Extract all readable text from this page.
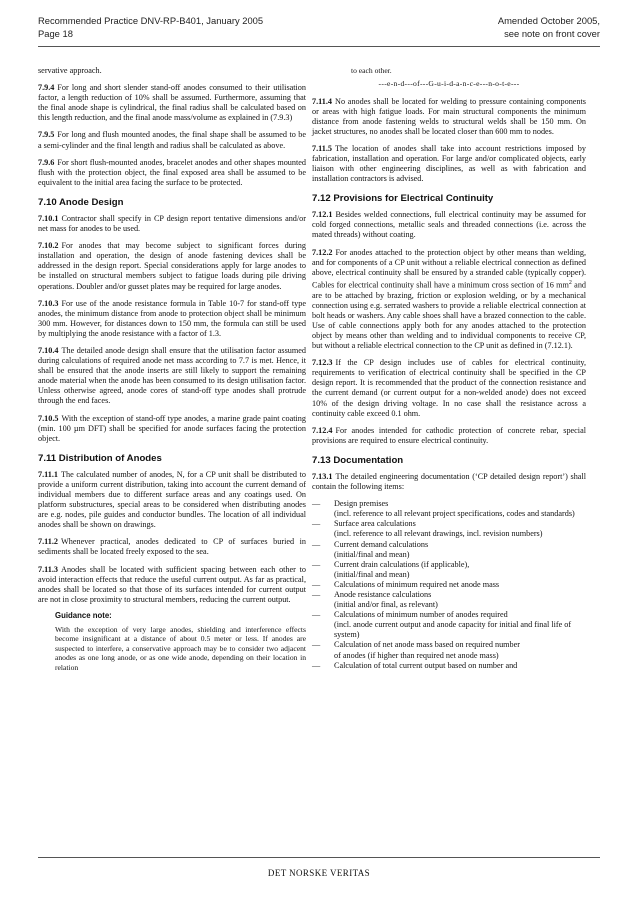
Recommended Practice DNV-RP-B401, January 2005
Page 18
Amended October 2005,
see note on front cover

servative approach.

7.9.4 For long and short slender stand-off anodes consumed to their utilisation factor, a length reduction of 10% shall be assumed. Furthermore, assuming that the final anode shape is cylindrical, the final radius shall be calculated based on this length reduction, and the final anode mass/volume as explained in (7.9.3)

7.9.5 For long and flush mounted anodes, the final shape shall be assumed to be a semi-cylinder and the final length and radius shall be calculated as above.

7.9.6 For short flush-mounted anodes, bracelet anodes and other shapes mounted flush with the protection object, the final exposed area shall be assumed to be equivalent to the initial area facing the surface to be protected.

7.10 Anode Design

7.10.1 Contractor shall specify in CP design report tentative dimensions and/or net mass for anodes to be used.

7.10.2 For anodes that may become subject to significant forces during installation and operation, the design of anode fastening devices shall be addressed in the design report. Special considerations apply for large anodes to be installed on structural members subject to fatigue loads during pile driving operations. Doubler and/or gusset plates may be required for large anodes.

7.10.3 For use of the anode resistance formula in Table 10-7 for stand-off type anodes, the minimum distance from anode to protection object shall be minimum 300 mm. However, for distances down to 150 mm, the formula can still be used by multiplying the anode resistance with a factor of 1.3.

7.10.4 The detailed anode design shall ensure that the utilisation factor assumed during calculations of required anode net mass according to 7.7 is met. Hence, it shall be ensured that the anode inserts are still likely to support the remaining anode material when the anode has been consumed to its design utilisation factor. Unless otherwise agreed, anode cores of stand-off type anodes shall protrude through the end faces.

7.10.5 With the exception of stand-off type anodes, a marine grade paint coating (min. 100 µm DFT) shall be specified for anode surfaces facing the protection object.

7.11 Distribution of Anodes

7.11.1 The calculated number of anodes, N, for a CP unit shall be distributed to provide a uniform current distribution, taking into account the current demand of individual members due to different surface areas and any coatings used. On platform substructures, special areas to be considered when distributing anodes are e.g. nodes, pile guides and conductor bundles. The location of all individual anodes shall be shown on drawings.

7.11.2 Whenever practical, anodes dedicated to CP of surfaces buried in sediments shall be located freely exposed to the sea.

7.11.3 Anodes shall be located with sufficient spacing between each other to avoid interaction effects that reduce the useful current output. As far as practical, anodes shall be located so that those of its surfaces intended for current output are not in close proximity to structural members, reducing the current output.

Guidance note:

With the exception of very large anodes, shielding and interference effects become insignificant at a distance of about 0.5 meter or less. If anodes are suspected to interfere, a conservative approach may be to consider two adjacent anodes as one long anode, or as one wide anode, depending on their location in relation

to each other.

---e-n-d---of---G-u-i-d-a-n-c-e---n-o-t-e---

7.11.4 No anodes shall be located for welding to pressure containing components or areas with high fatigue loads. For main structural components the minimum distance from anode fastening welds to structural welds shall be 150 mm. On jacket structures, no anodes shall be located closer than 600 mm to nodes.

7.11.5 The location of anodes shall take into account restrictions imposed by fabrication, installation and operation. For large and/or complicated objects, early liaison with other engineering disciplines, as well as with fabrication and installation contractors is advised.

7.12 Provisions for Electrical Continuity

7.12.1 Besides welded connections, full electrical continuity may be assumed for cold forged connections, metallic seals and threaded connections (i.e. across the mated threads) without coating.

7.12.2 For anodes attached to the protection object by other means than welding, and for components of a CP unit without a reliable electrical connection as defined above, electrical continuity shall be ensured by a stranded cable (typically copper). Cables for electrical continuity shall have a minimum cross section of 16 $mm^2$ and are to be attached by brazing, friction or explosion welding, or by a mechanical connection using e.g. serrated washers to provide a reliable electrical connection at bolt heads or washers. Any cable shoes shall have a brazed connection to the cable. Use of cable connections apply both for any anodes attached to the protection object by means other than welding and to individual components to receive CP, but without a reliable electrical connection to the CP unit as defined in (7.12.1).

7.12.3 If the CP design includes use of cables for electrical continuity, requirements to verification of electrical continuity shall be specified in the CP design report. It is recommended that the product of the connection resistance and the current demand (or current output for a non-welded anode) does not exceed 10% of the design driving voltage. In no case shall the resistance across a continuity cable exceed 0.1 ohm.

7.12.4 For anodes intended for cathodic protection of concrete rebar, special provisions are required to ensure electrical continuity.

7.13 Documentation

7.13.1 The detailed engineering documentation (‘CP detailed design report’) shall contain the following items:

— Design premises
(incl. reference to all relevant project specifications, codes and standards)
— Surface area calculations
(incl. reference to all relevant drawings, incl. revision numbers)
— Current demand calculations
(initial/final and mean)
— Current drain calculations (if applicable),
(initial/final and mean)
— Calculations of minimum required net anode mass
— Anode resistance calculations
(initial and/or final, as relevant)
— Calculations of minimum number of anodes required
(incl. anode current output and anode capacity for initial and final life of system)
— Calculation of net anode mass based on required number
of anodes (if higher than required net anode mass)
— Calculation of total current output based on number and
DET NORSKE VERITAS
